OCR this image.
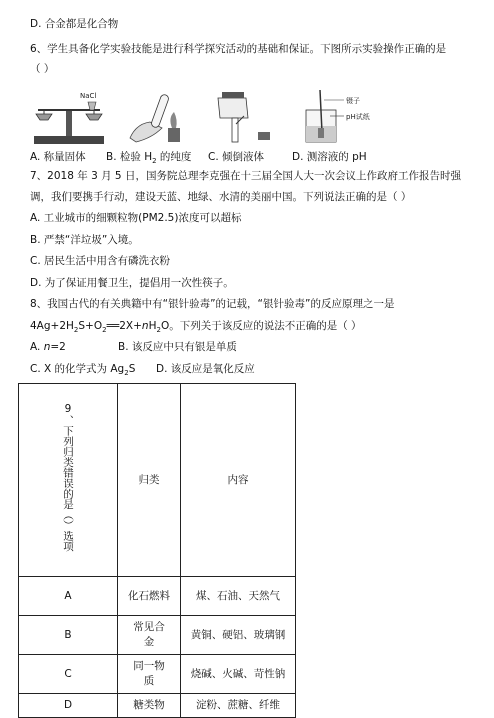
D. 合金都是化合物
6、学生具备化学实验技能是进行科学探究活动的基础和保证。下图所示实验操作正确的是
（ ）
NaCl
镊子
pH试纸
A. 称量固体 B. 检验 $H_2$ 的纯度 C. 倾倒液体	D. 测溶液的 pH
7、2018 年 3 月 5 日，国务院总理李克强在十三届全国人大一次会议上作政府工作报告时强
调，我们要携手行动，建设天蓝、地绿、水清的美丽中国。下列说法正确的是（ ）
A. 工业城市的细颗粒物(PM2.5)浓度可以超标
B. 严禁“洋垃圾”入境。
C. 居民生活中用含有磷洗衣粉
D. 为了保证用餐卫生，提倡用一次性筷子。
8、我国古代的有关典籍中有“银针验毒”的记载，“银针验毒”的反应原理之一是
$4Ag+2H_2S+O_2══2X+nH_2O$。下列关于该反应的说法不正确的是（ ）
A. n=2	B. 该反应中只有银是单质
C. X 的化学式为 $Ag_2S$ D. 该反应是氧化反应
9、下列归类错误的是（）选项	归类	内容
A	化石燃料	煤、石油、天然气
B	常见合金	黄铜、硬铝、玻璃钢
C	同一物质	烧碱、火碱、苛性钠
D	糖类物	淀粉、蔗糖、纤维
